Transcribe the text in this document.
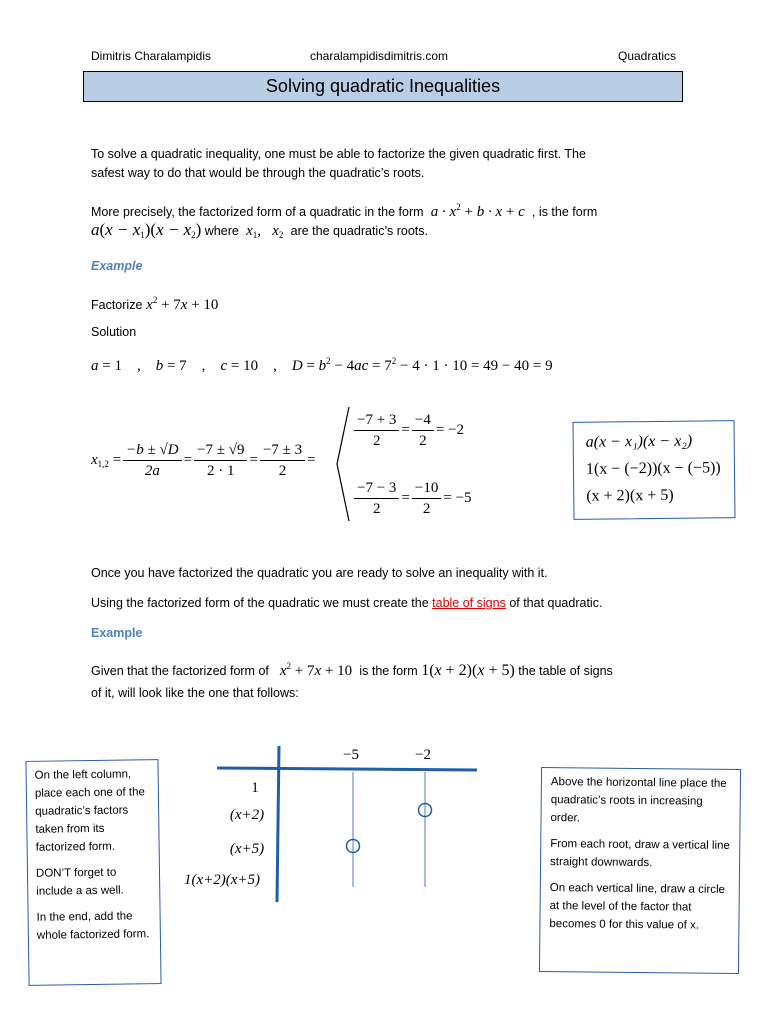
Dimitris Charalampidis	charalampidisdimitris.com	Quadratics
Solving quadratic Inequalities
To solve a quadratic inequality, one must be able to factorize the given quadratic first. The
safest way to do that would be through the quadratic’s roots.
More precisely, the factorized form of a quadratic in the form  $a \cdot x^2 + b \cdot x + c$  , is the form
$a(x - x_1)(x - x_2)$ where  $x_1$,   $x_2$ are the quadratic’s roots.
Example
Factorize $x^2 + 7x + 10$
Solution
a = 1    ,    b = 7    ,    c = 10    ,    $D = b^2 - 4ac = 7^2 - 4 \cdot 1 \cdot 10 = 49 - 40 = 9$
$x_{1,2} = \frac{-b \pm √D}{2a} = \frac{-7 \pm √9}{2 \cdot 1} = \frac{-7 \pm 3}{2}$ =
$\frac{-7 + 3}{2} = \frac{-4}{2} = -2$
$\frac{-7 - 3}{2} = \frac{-10}{2} = -5$
a(x − x₁)(x − x₂)
1(x − (−2))(x − (−5))
(x + 2)(x + 5)
Once you have factorized the quadratic you are ready to solve an inequality with it.
Using the factorized form of the quadratic we must create the table of signs of that quadratic.
Example
Given that the factorized form of   $x^2 + 7x + 10$ is the form 1(x + 2)(x + 5) the table of signs
of it, will look like the one that follows:

On the left column, place each one of the quadratic’s factors taken from its factorized form.

DON’T forget to include a as well.

In the end, add the whole factorized form.

−5	−2
1
(x+2)
(x+5)
1(x+2)(x+5)

Above the horizontal line place the quadratic’s roots in increasing order.

From each root, draw a vertical line straight downwards.

On each vertical line, draw a circle at the level of the factor that becomes 0 for this value of x.
